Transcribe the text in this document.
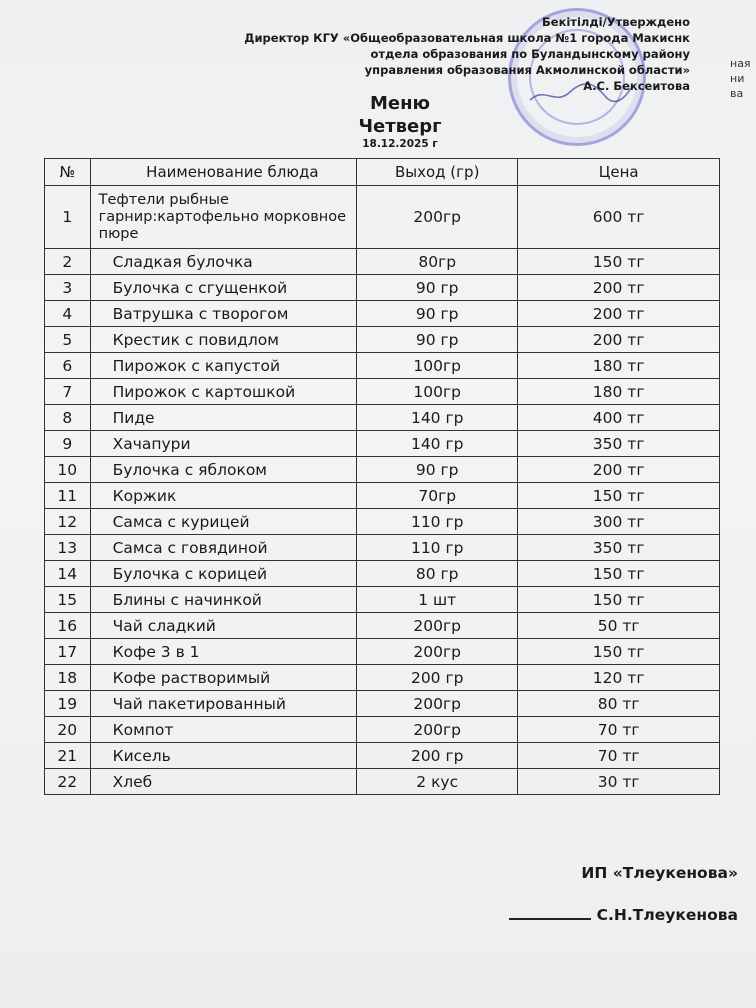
Бекітілді/Утверждено
Директор КГУ «Общеобразовательная школа №1 города Макиснк
отдела образования по Буландынскому району
управления образования Акмолинской области»
А.С. Бексеитова
ная
ни
ва
Меню
Четверг
18.12.2025 г
№	Наименование блюда	Выход (гр)	Цена
1	Тефтели рыбные гарнир:картофельно морковное пюре	200гр	600 тг
2	Сладкая булочка	80гр	150 тг
3	Булочка с сгущенкой	90 гр	200 тг
4	Ватрушка с творогом	90 гр	200 тг
5	Крестик с повидлом	90 гр	200 тг
6	Пирожок с капустой	100гр	180 тг
7	Пирожок с картошкой	100гр	180 тг
8	Пиде	140 гр	400 тг
9	Хачапури	140 гр	350 тг
10	Булочка с яблоком	90 гр	200 тг
11	Коржик	70гр	150 тг
12	Самса с курицей	110 гр	300 тг
13	Самса с говядиной	110 гр	350 тг
14	Булочка с корицей	80 гр	150 тг
15	Блины с начинкой	1 шт	150 тг
16	Чай сладкий	200гр	50 тг
17	Кофе 3 в 1	200гр	150 тг
18	Кофе растворимый	200 гр	120 тг
19	Чай пакетированный	200гр	80 тг
20	Компот	200гр	70 тг
21	Кисель	200 гр	70 тг
22	Хлеб	2 кус	30 тг
ИП «Тлеукенова»
С.Н.Тлеукенова
